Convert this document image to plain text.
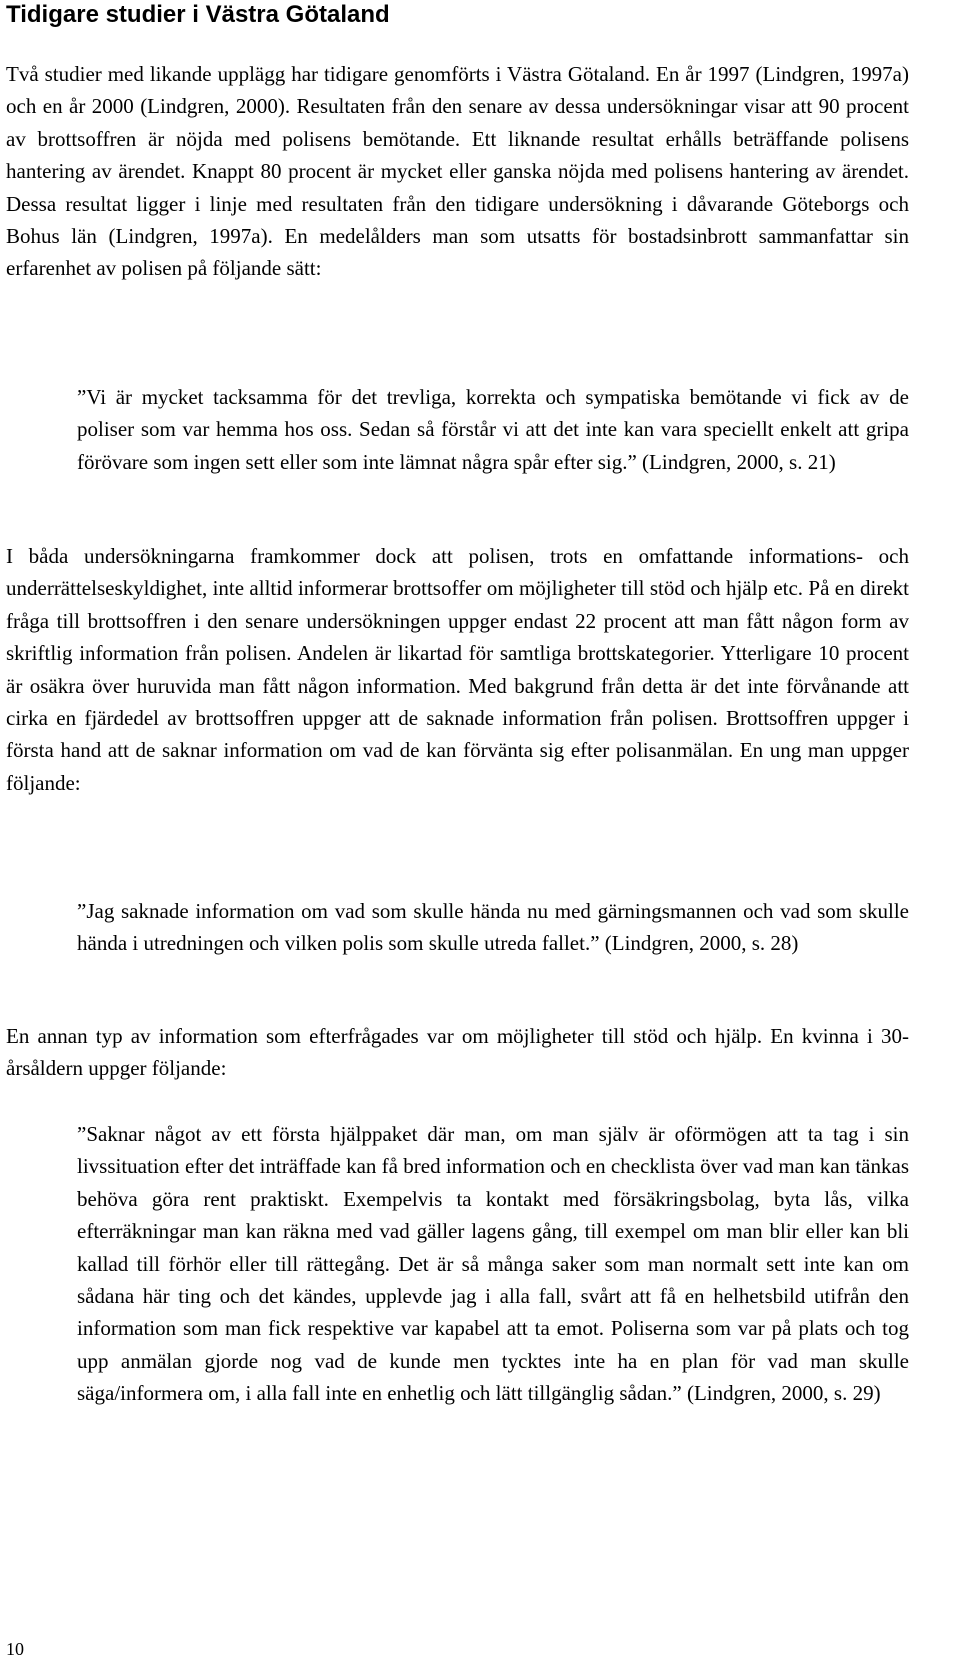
Tidigare studier i Västra Götaland

Två studier med likande upplägg har tidigare genomförts i Västra Götaland. En år 1997 (Lindgren, 1997a) och en år 2000 (Lindgren, 2000). Resultaten från den senare av dessa undersökningar visar att 90 procent av brottsoffren är nöjda med polisens bemötande. Ett liknande resultat erhålls beträffande polisens hantering av ärendet. Knappt 80 procent är mycket eller ganska nöjda med polisens hantering av ärendet. Dessa resultat ligger i linje med resultaten från den tidigare undersökning i dåvarande Göteborgs och Bohus län (Lindgren, 1997a). En medelålders man som utsatts för bostadsinbrott sammanfattar sin erfarenhet av polisen på följande sätt:

”Vi är mycket tacksamma för det trevliga, korrekta och sympatiska bemötande vi fick av de poliser som var hemma hos oss. Sedan så förstår vi att det inte kan vara speciellt enkelt att gripa förövare som ingen sett eller som inte lämnat några spår efter sig.” (Lindgren, 2000, s. 21)

I båda undersökningarna framkommer dock att polisen, trots en omfattande informations- och underrättelseskyldighet, inte alltid informerar brottsoffer om möjligheter till stöd och hjälp etc. På en direkt fråga till brottsoffren i den senare undersökningen uppger endast 22 procent att man fått någon form av skriftlig information från polisen. Andelen är likartad för samtliga brottskategorier. Ytterligare 10 procent är osäkra över huruvida man fått någon information. Med bakgrund från detta är det inte förvånande att cirka en fjärdedel av brottsoffren uppger att de saknade information från polisen. Brottsoffren uppger i första hand att de saknar information om vad de kan förvänta sig efter polisanmälan. En ung man uppger följande:

”Jag saknade information om vad som skulle hända nu med gärningsmannen och vad som skulle hända i utredningen och vilken polis som skulle utreda fallet.” (Lindgren, 2000, s. 28)

En annan typ av information som efterfrågades var om möjligheter till stöd och hjälp. En kvinna i 30-årsåldern uppger följande:

”Saknar något av ett första hjälppaket där man, om man själv är oförmögen att ta tag i sin livssituation efter det inträffade kan få bred information och en checklista över vad man kan tänkas behöva göra rent praktiskt. Exempelvis ta kontakt med försäkringsbolag, byta lås, vilka efterräkningar man kan räkna med vad gäller lagens gång, till exempel om man blir eller kan bli kallad till förhör eller till rättegång. Det är så många saker som man normalt sett inte kan om sådana här ting och det kändes, upplevde jag i alla fall, svårt att få en helhetsbild utifrån den information som man fick respektive var kapabel att ta emot. Poliserna som var på plats och tog upp anmälan gjorde nog vad de kunde men tycktes inte ha en plan för vad man skulle säga/informera om, i alla fall inte en enhetlig och lätt tillgänglig sådan.” (Lindgren, 2000, s. 29)

10
